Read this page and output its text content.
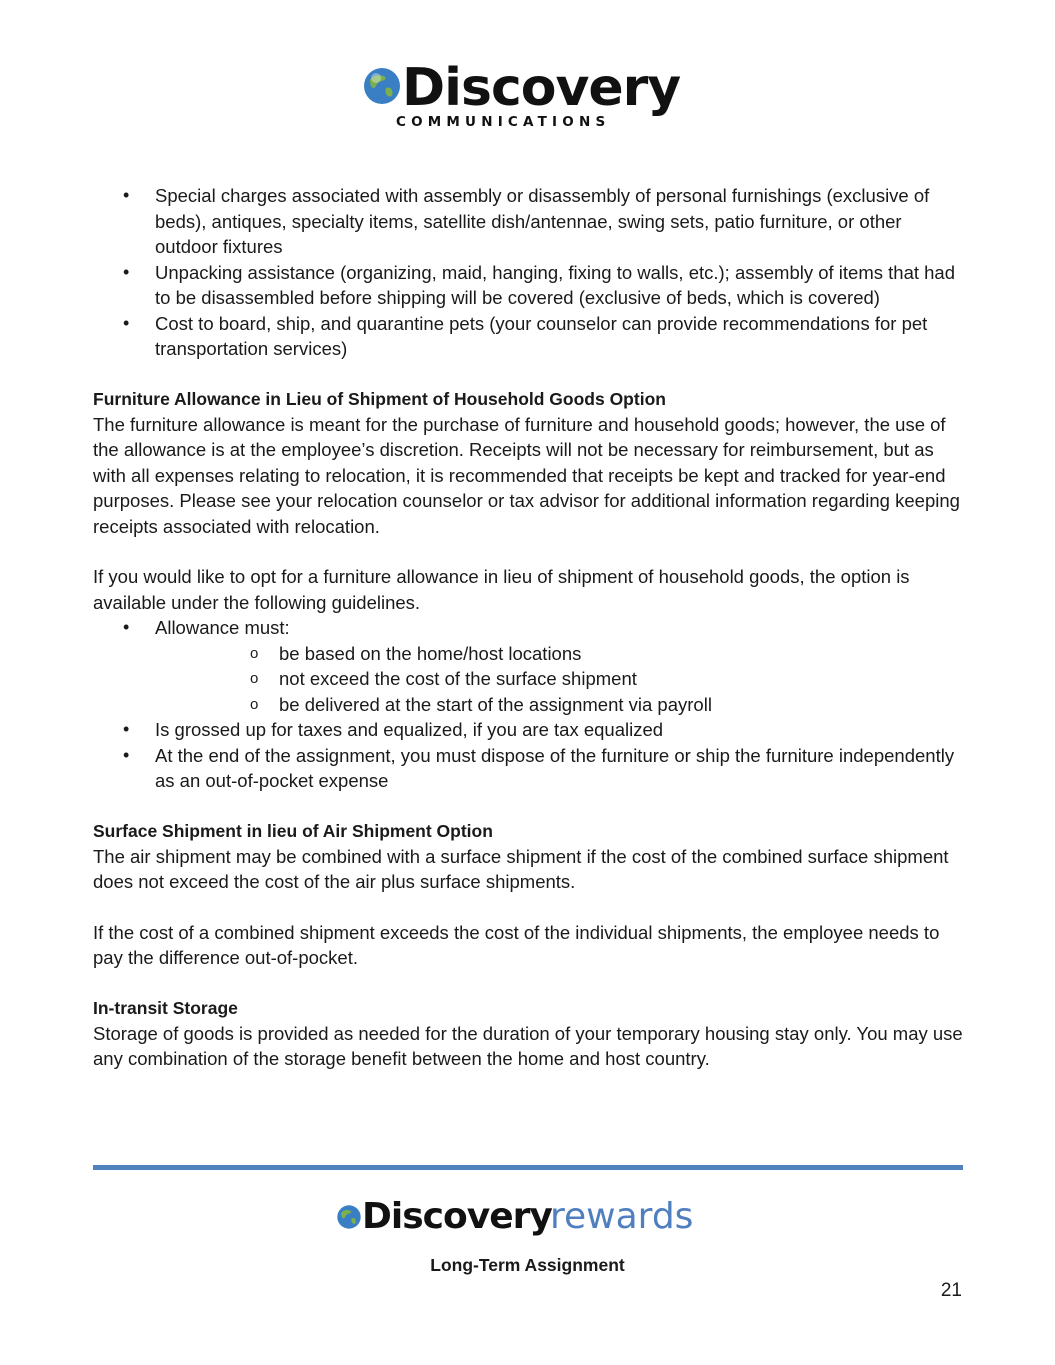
Discovery
COMMUNICATIONS
• Special charges associated with assembly or disassembly of personal furnishings (exclusive of beds), antiques, specialty items, satellite dish/antennae, swing sets, patio furniture, or other outdoor fixtures
• Unpacking assistance (organizing, maid, hanging, fixing to walls, etc.); assembly of items that had to be disassembled before shipping will be covered (exclusive of beds, which is covered)
• Cost to board, ship, and quarantine pets (your counselor can provide recommendations for pet transportation services)
Furniture Allowance in Lieu of Shipment of Household Goods Option

The furniture allowance is meant for the purchase of furniture and household goods; however, the use of the allowance is at the employee’s discretion. Receipts will not be necessary for reimbursement, but as with all expenses relating to relocation, it is recommended that receipts be kept and tracked for year-end purposes. Please see your relocation counselor or tax advisor for additional information regarding keeping receipts associated with relocation.

If you would like to opt for a furniture allowance in lieu of shipment of household goods, the option is available under the following guidelines.

• Allowance must:
o be based on the home/host locations
o not exceed the cost of the surface shipment
o be delivered at the start of the assignment via payroll
• Is grossed up for taxes and equalized, if you are tax equalized
• At the end of the assignment, you must dispose of the furniture or ship the furniture independently as an out-of-pocket expense
Surface Shipment in lieu of Air Shipment Option

The air shipment may be combined with a surface shipment if the cost of the combined surface shipment does not exceed the cost of the air plus surface shipments.

If the cost of a combined shipment exceeds the cost of the individual shipments, the employee needs to pay the difference out-of-pocket.

In-transit Storage

Storage of goods is provided as needed for the duration of your temporary housing stay only. You may use any combination of the storage benefit between the home and host country.

Discovery
rewards
Long-Term Assignment
21
